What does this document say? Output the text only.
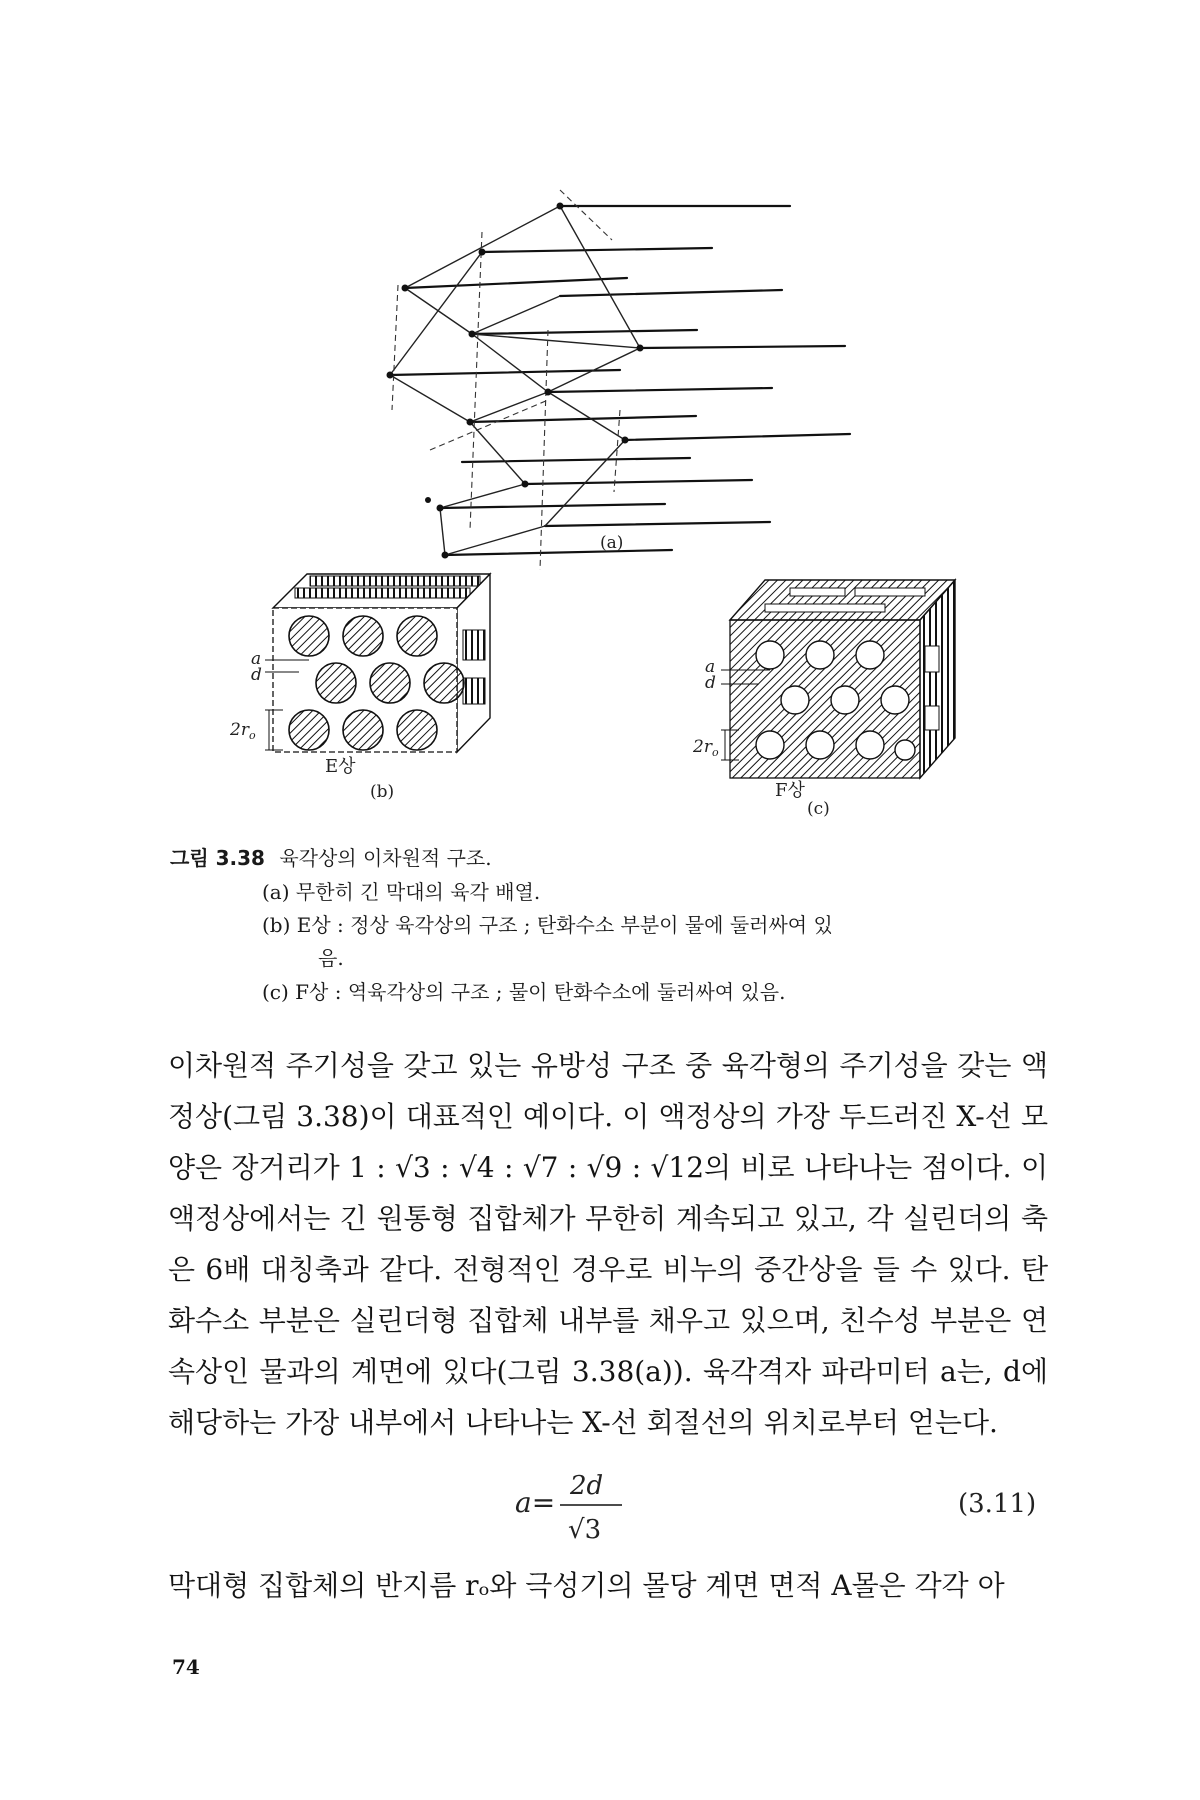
(a)
a
d
$2r_o$
E상
(b)
a
d
$2r_o$
F상
(c)
그림 3.38 육각상의 이차원적 구조.
(a) 무한히 긴 막대의 육각 배열.
(b) E상 : 정상 육각상의 구조 ; 탄화수소 부분이 물에 둘러싸여 있
음.
(c) F상 : 역육각상의 구조 ; 물이 탄화수소에 둘러싸여 있음.
이차원적 주기성을 갖고 있는 유방성 구조 중 육각형의 주기성을 갖는 액정상(그림 3.38)이 대표적인 예이다. 이 액정상의 가장 두드러진 X-선 모양은 장거리가 1 : √3 : √4 : √7 : √9 : √12의 비로 나타나는 점이다. 이 액정상에서는 긴 원통형 집합체가 무한히 계속되고 있고, 각 실린더의 축은 6배 대칭축과 같다. 전형적인 경우로 비누의 중간상을 들 수 있다. 탄화수소 부분은 실린더형 집합체 내부를 채우고 있으며, 친수성 부분은 연속상인 물과의 계면에 있다(그림 3.38(a)). 육각격자 파라미터 a는, d에 해당하는 가장 내부에서 나타나는 X-선 회절선의 위치로부터 얻는다.
a= 2d
√3
(3.11)
막대형 집합체의 반지름 rₒ와 극성기의 몰당 계면 면적 A몰은 각각 아
74
